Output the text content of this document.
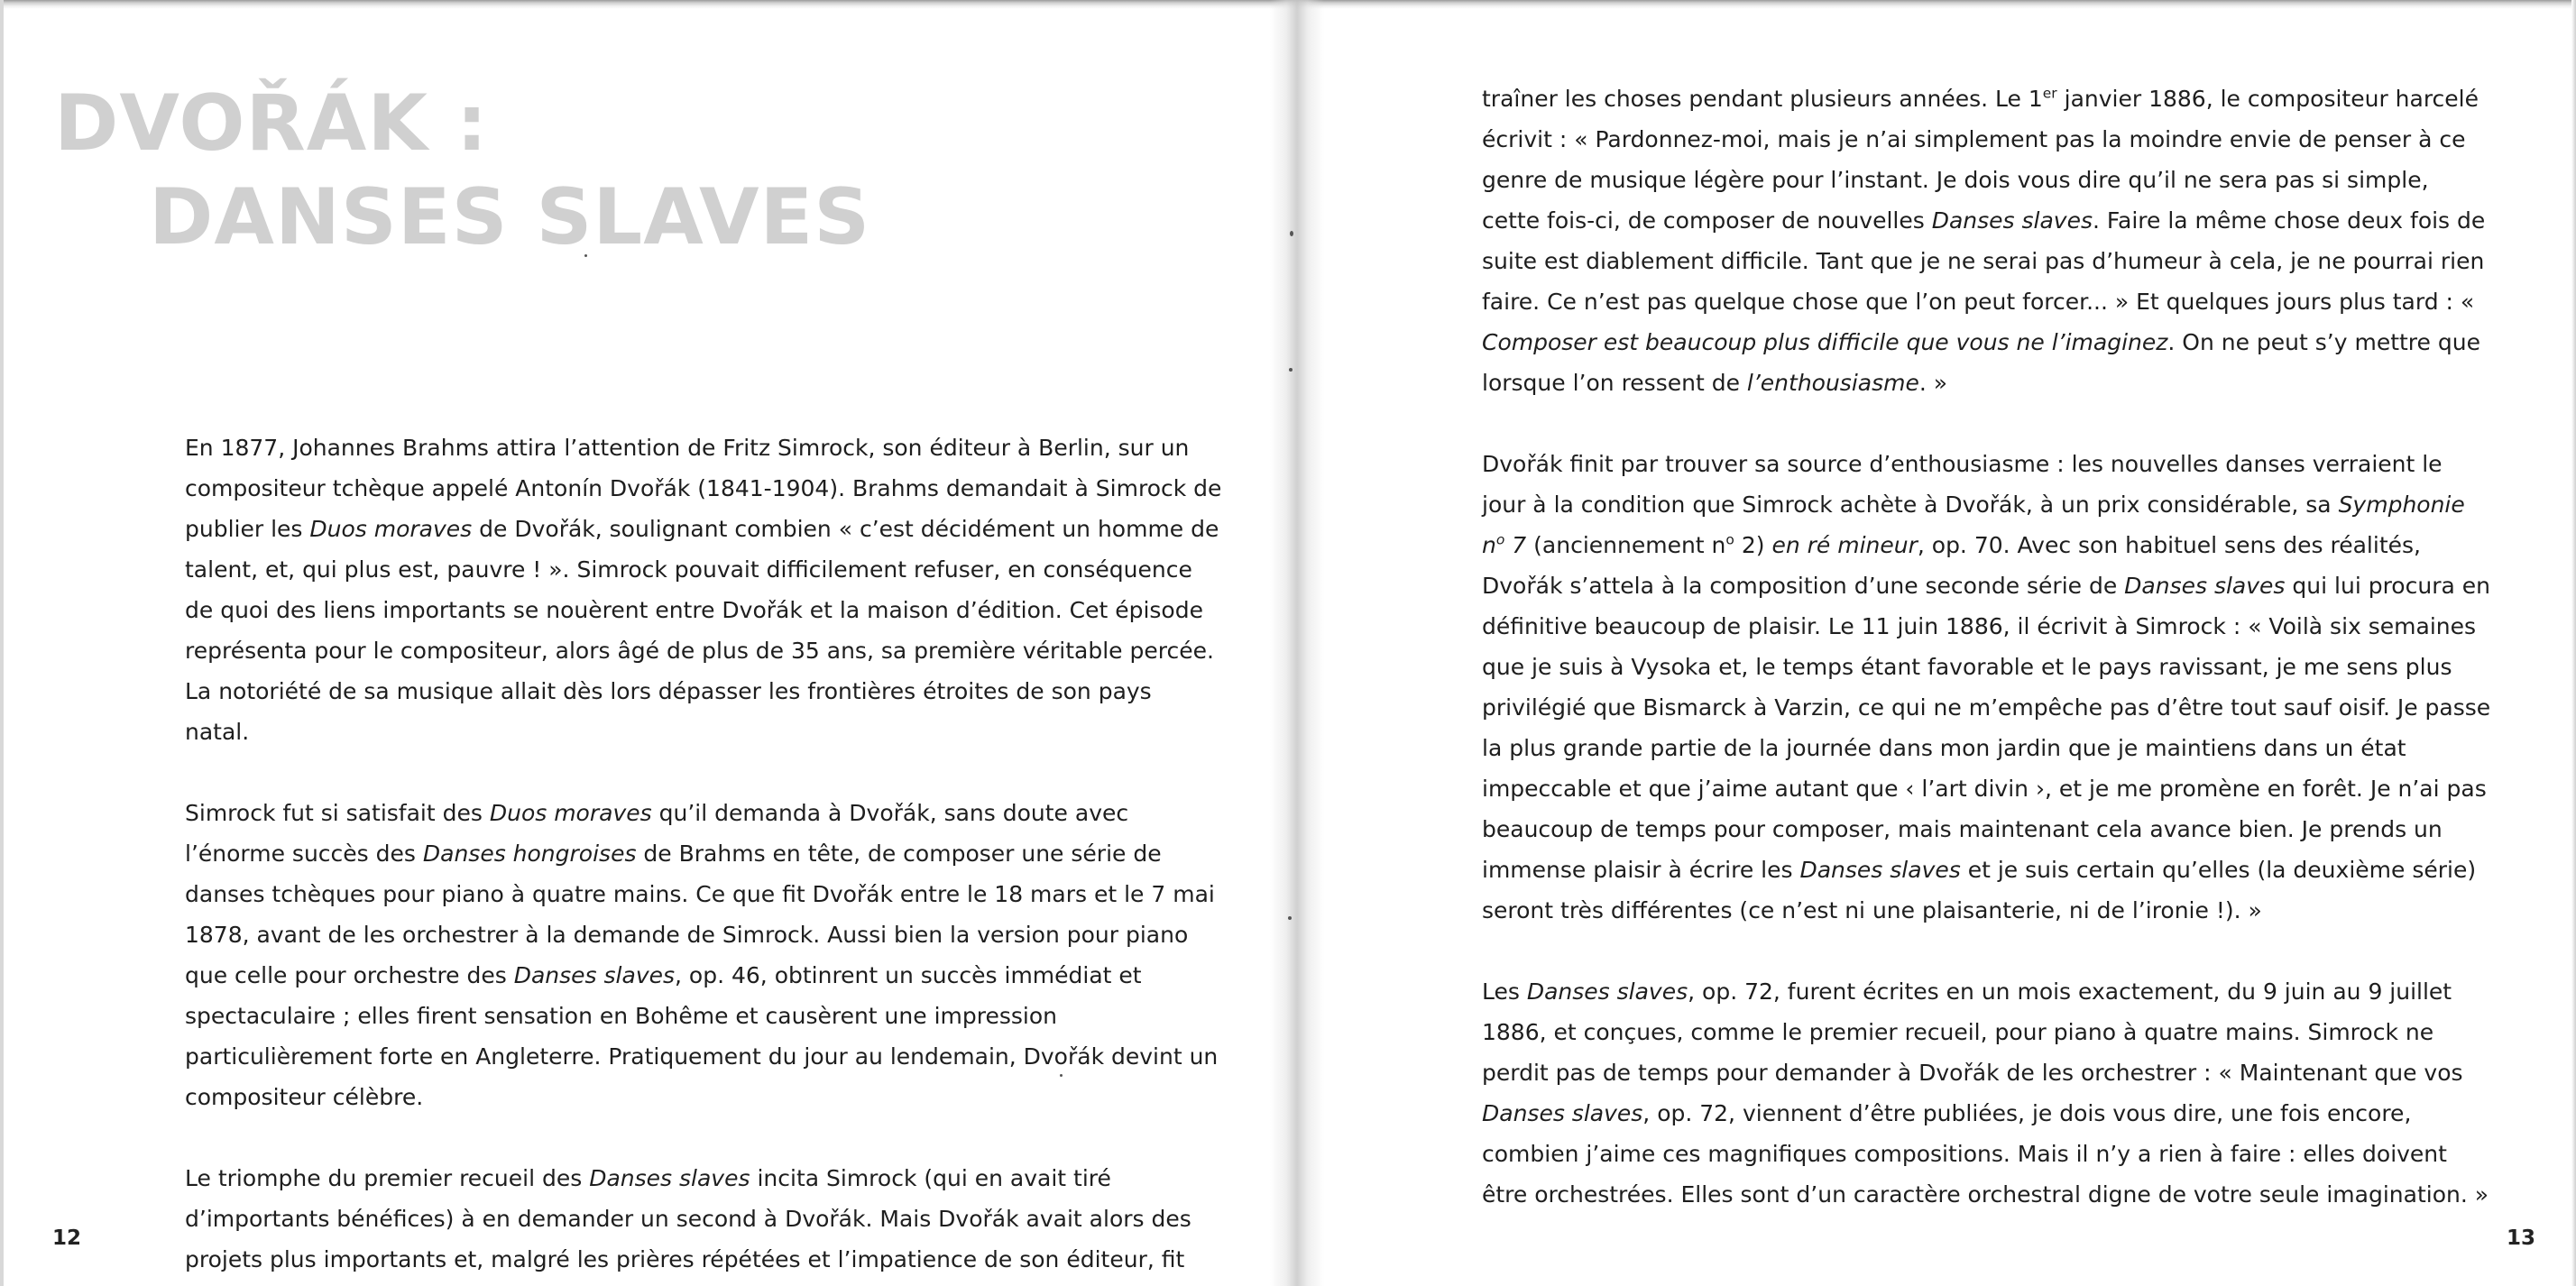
DVOŘÁK :
DANSES SLAVES

En 1877, Johannes Brahms attira l’attention de Fritz Simrock, son éditeur à Berlin, sur un compositeur tchèque appelé Antonín Dvořák (1841-1904). Brahms demandait à Simrock de publier les Duos moraves de Dvořák, soulignant combien « c’est décidément un homme de talent, et, qui plus est, pauvre ! ». Simrock pouvait difficilement refuser, en conséquence de quoi des liens importants se nouèrent entre Dvořák et la maison d’édition. Cet épisode représenta pour le compositeur, alors âgé de plus de 35 ans, sa première véritable percée. La notoriété de sa musique allait dès lors dépasser les frontières étroites de son pays natal.

Simrock fut si satisfait des Duos moraves qu’il demanda à Dvořák, sans doute avec l’énorme succès des Danses hongroises de Brahms en tête, de composer une série de danses tchèques pour piano à quatre mains. Ce que fit Dvořák entre le 18 mars et le 7 mai 1878, avant de les orchestrer à la demande de Simrock. Aussi bien la version pour piano que celle pour orchestre des Danses slaves, op. 46, obtinrent un succès immédiat et spectaculaire ; elles firent sensation en Bohême et causèrent une impression particulièrement forte en Angleterre. Pratiquement du jour au lendemain, Dvořák devint un compositeur célèbre.

Le triomphe du premier recueil des Danses slaves incita Simrock (qui en avait tiré d’importants bénéfices) à en demander un second à Dvořák. Mais Dvořák avait alors des projets plus importants et, malgré les prières répétées et l’impatience de son éditeur, fit

traîner les choses pendant plusieurs années. Le 1er janvier 1886, le compositeur harcelé écrivit : « Pardonnez-moi, mais je n’ai simplement pas la moindre envie de penser à ce genre de musique légère pour l’instant. Je dois vous dire qu’il ne sera pas si simple, cette fois-ci, de composer de nouvelles Danses slaves. Faire la même chose deux fois de suite est diablement difficile. Tant que je ne serai pas d’humeur à cela, je ne pourrai rien faire. Ce n’est pas quelque chose que l’on peut forcer... » Et quelques jours plus tard : « Composer est beaucoup plus difficile que vous ne l’imaginez. On ne peut s’y mettre que lorsque l’on ressent de l’enthousiasme. »

Dvořák finit par trouver sa source d’enthousiasme : les nouvelles danses verraient le jour à la condition que Simrock achète à Dvořák, à un prix considérable, sa Symphonie $n^o$ 7 (anciennement $n^o$ 2) en ré mineur, op. 70. Avec son habituel sens des réalités, Dvořák s’attela à la composition d’une seconde série de Danses slaves qui lui procura en définitive beaucoup de plaisir. Le 11 juin 1886, il écrivit à Simrock : « Voilà six semaines que je suis à Vysoka et, le temps étant favorable et le pays ravissant, je me sens plus privilégié que Bismarck à Varzin, ce qui ne m’empêche pas d’être tout sauf oisif. Je passe la plus grande partie de la journée dans mon jardin que je maintiens dans un état impeccable et que j’aime autant que ‹ l’art divin ›, et je me promène en forêt. Je n’ai pas beaucoup de temps pour composer, mais maintenant cela avance bien. Je prends un immense plaisir à écrire les Danses slaves et je suis certain qu’elles (la deuxième série) seront très différentes (ce n’est ni une plaisanterie, ni de l’ironie !). »

Les Danses slaves, op. 72, furent écrites en un mois exactement, du 9 juin au 9 juillet 1886, et conçues, comme le premier recueil, pour piano à quatre mains. Simrock ne perdit pas de temps pour demander à Dvořák de les orchestrer : « Maintenant que vos Danses slaves, op. 72, viennent d’être publiées, je dois vous dire, une fois encore, combien j’aime ces magnifiques compositions. Mais il n’y a rien à faire : elles doivent être orchestrées. Elles sont d’un caractère orchestral digne de votre seule imagination. »

12	13
